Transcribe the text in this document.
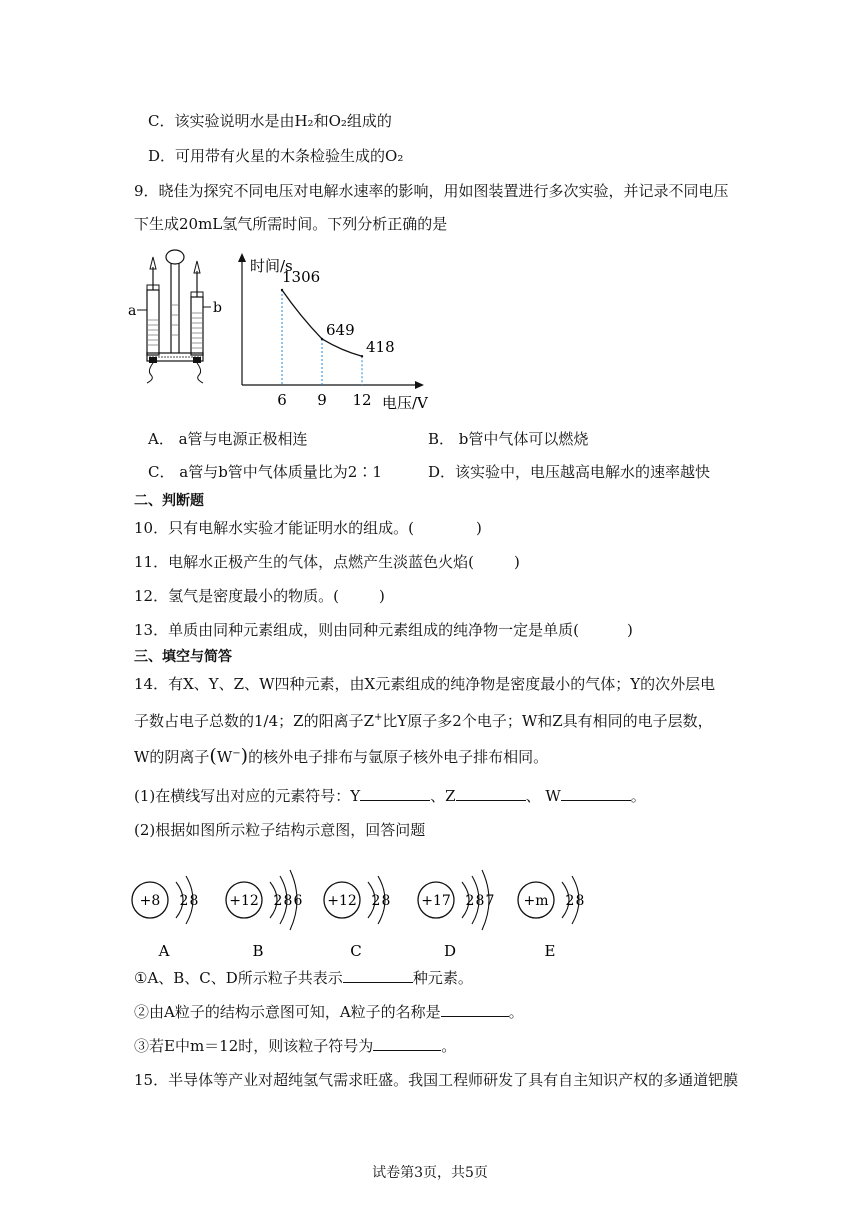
C．该实验说明水是由H₂和O₂组成的
D．可用带有火星的木条检验生成的O₂
9．晓佳为探究不同电压对电解水速率的影响，用如图装置进行多次实验，并记录不同电压
下生成20mL氢气所需时间。下列分析正确的是
a	b
时间/s
电压/V
1306
6
649
9
418
12
A． a管与电源正极相连	B． b管中气体可以燃烧
C． a管与b管中气体质量比为2∶1	D．该实验中，电压越高电解水的速率越快
二、判断题
10．只有电解水实验才能证明水的组成。(	)
11．电解水正极产生的气体，点燃产生淡蓝色火焰(	)
12．氢气是密度最小的物质。(	)
13．单质由同种元素组成，则由同种元素组成的纯净物一定是单质(	)
三、填空与简答
14．有X、Y、Z、W四种元素，由X元素组成的纯净物是密度最小的气体；Y的次外层电
子数占电子总数的1/4；Z的阳离子Z+比Y原子多2个电子；W和Z具有相同的电子层数，
W的阴离子(W−)的核外电子排布与氩原子核外电子排布相同。
(1)在横线写出对应的元素符号：Y	、Z	、 W	。
(2)根据如图所示粒子结构示意图，回答问题
+8 2 8
A
+12 2 8 6
B
+12 2 8
C
+17 2 8 7
D
+m 2 8
E
①A、B、C、D所示粒子共表示	种元素。
②由A粒子的结构示意图可知，A粒子的名称是	。
③若E中m＝12时，则该粒子符号为	。
15．半导体等产业对超纯氢气需求旺盛。我国工程师研发了具有自主知识产权的多通道钯膜
试卷第3页，共5页
